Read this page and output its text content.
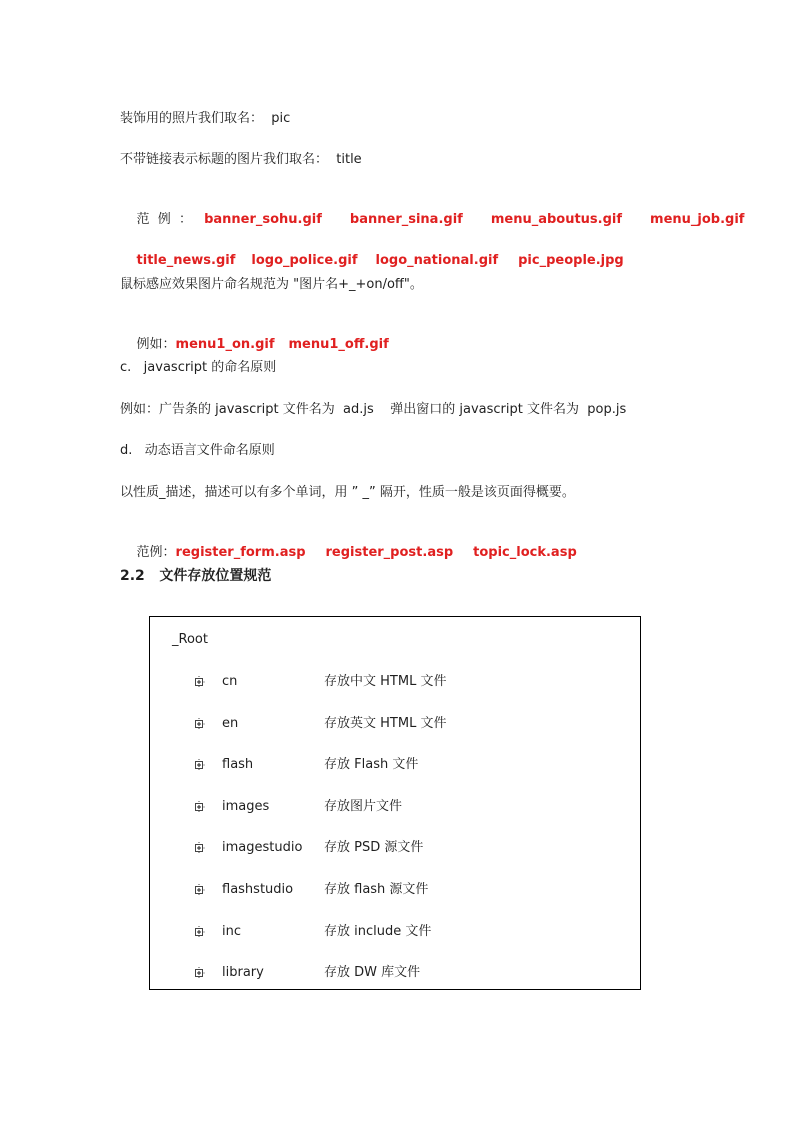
装饰用的照片我们取名：  pic
不带链接表示标题的图片我们取名：  title

范  例  ： banner_sohu.gif banner_sina.gif menu_aboutus.gif menu_job.gif

title_news.gif logo_police.gif logo_national.gif pic_people.jpg

鼠标感应效果图片命名规范为 "图片名+_+on/off"。

例如：menu1_on.gif menu1_off.gif

c.   javascript 的命名原则
例如：广告条的 javascript 文件名为  ad.js    弹出窗口的 javascript 文件名为  pop.js
d.   动态语言文件命名原则
以性质_描述，描述可以有多个单词，用 ” _” 隔开，性质一般是该页面得概要。

范例：register_form.asp register_post.asp topic_lock.asp

2.2   文件存放位置规范
_Root
cn	存放中文 HTML 文件
en	存放英文 HTML 文件
flash	存放 Flash 文件
images	存放图片文件
imagestudio 存放 PSD 源文件
flashstudio 存放 flash 源文件
inc	存放 include 文件
library	存放 DW 库文件
